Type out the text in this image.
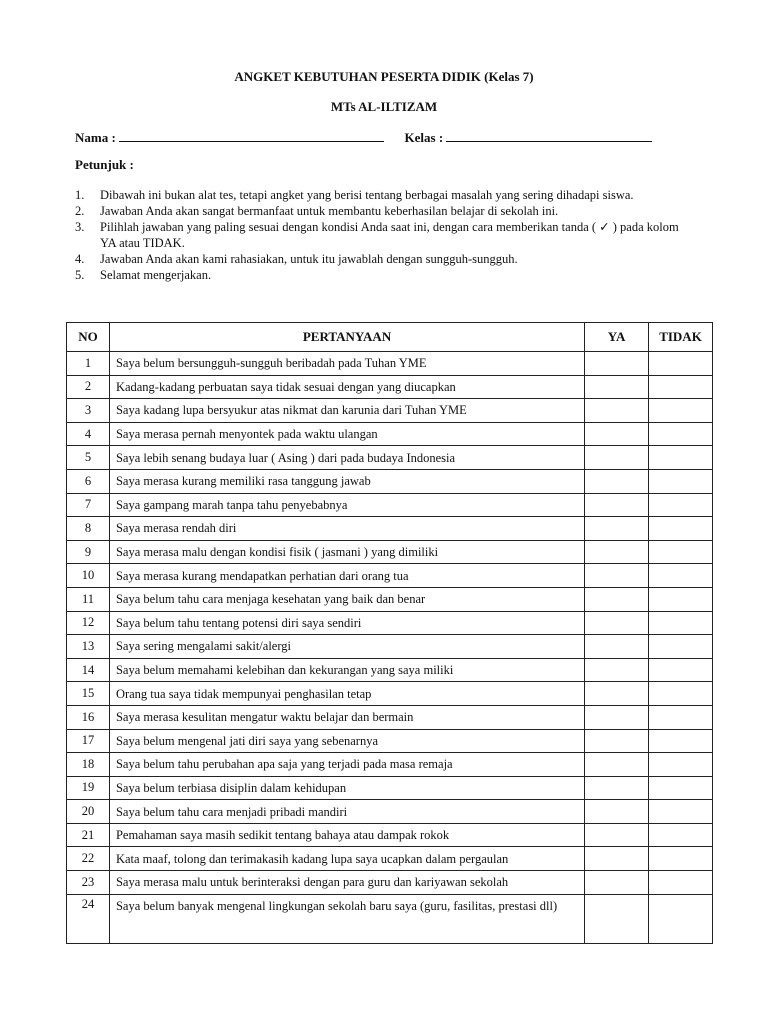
ANGKET KEBUTUHAN PESERTA DIDIK (Kelas 7)
MTs AL-ILTIZAM
Nama :	Kelas :
Petunjuk :
1.	Dibawah ini bukan alat tes, tetapi angket yang berisi tentang berbagai masalah yang sering dihadapi siswa.
2.	Jawaban Anda akan sangat bermanfaat untuk membantu keberhasilan belajar di sekolah ini.
3.	Pilihlah jawaban yang paling sesuai dengan kondisi Anda saat ini, dengan cara memberikan tanda ( ✓ ) pada kolom YA atau TIDAK.
4.	Jawaban Anda akan kami rahasiakan, untuk itu jawablah dengan sungguh-sungguh.
5.	Selamat mengerjakan.
NO	PERTANYAAN	YA	TIDAK
1	Saya belum bersungguh-sungguh beribadah pada Tuhan YME		
2	Kadang-kadang perbuatan saya tidak sesuai dengan yang diucapkan		
3	Saya kadang lupa bersyukur atas nikmat dan karunia dari Tuhan YME		
4	Saya merasa pernah menyontek pada waktu ulangan		
5	Saya lebih senang budaya luar ( Asing ) dari pada budaya Indonesia		
6	Saya merasa kurang memiliki rasa tanggung jawab		
7	Saya gampang marah tanpa tahu penyebabnya		
8	Saya merasa rendah diri		
9	Saya merasa malu dengan kondisi fisik ( jasmani ) yang dimiliki		
10	Saya merasa kurang mendapatkan perhatian dari orang tua		
11	Saya belum tahu cara menjaga kesehatan yang baik dan benar		
12	Saya belum tahu tentang potensi diri saya sendiri		
13	Saya sering mengalami sakit/alergi		
14	Saya belum memahami kelebihan dan kekurangan yang saya miliki		
15	Orang tua saya tidak mempunyai penghasilan tetap		
16	Saya merasa kesulitan mengatur waktu belajar dan bermain		
17	Saya belum mengenal jati diri saya yang sebenarnya		
18	Saya belum tahu perubahan apa saja yang terjadi pada masa remaja		
19	Saya belum terbiasa disiplin dalam kehidupan		
20	Saya belum tahu cara menjadi pribadi mandiri		
21	Pemahaman saya masih sedikit tentang bahaya atau dampak rokok		
22	Kata maaf, tolong dan terimakasih kadang lupa saya ucapkan dalam pergaulan		
23	Saya merasa malu untuk berinteraksi dengan para guru dan kariyawan sekolah		
24	Saya belum banyak mengenal lingkungan sekolah baru saya (guru, fasilitas, prestasi dll)		
